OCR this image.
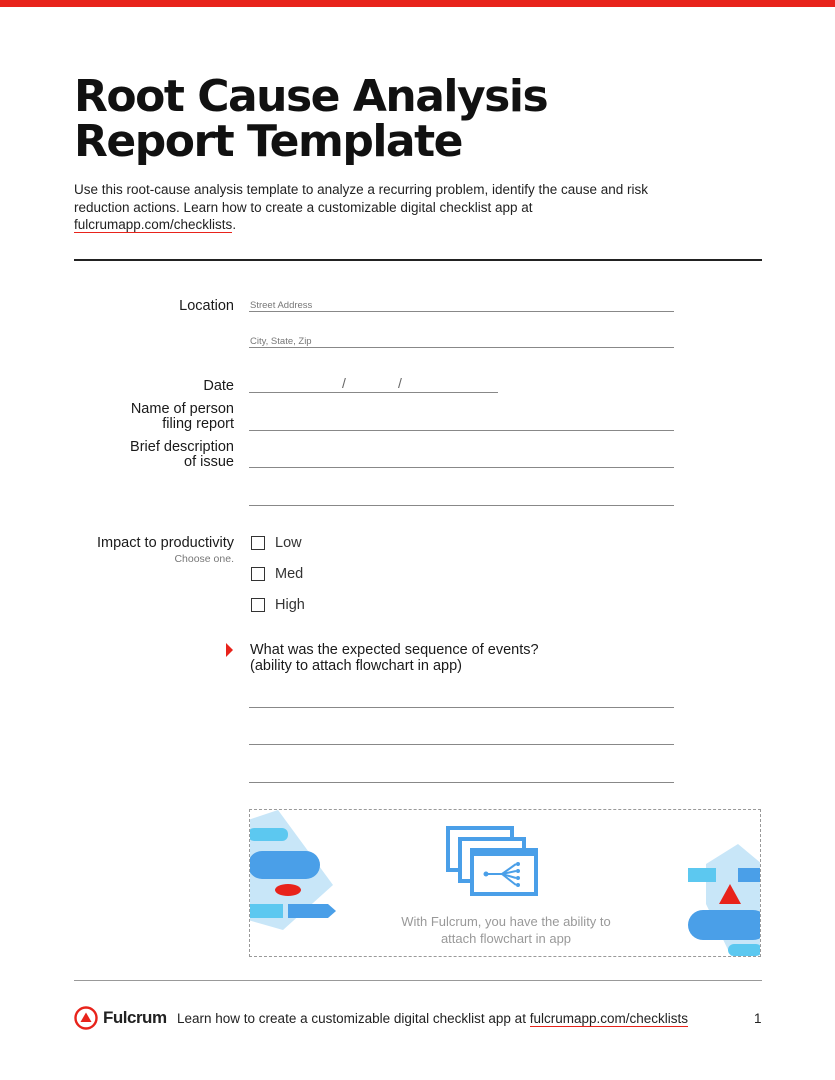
Root Cause Analysis
Report Template

Use this root-cause analysis template to analyze a recurring problem, identify the cause and risk reduction actions. Learn how to create a customizable digital checklist app at fulcrumapp.com/checklists.

Location Street Address
City, State, Zip
Date	/	/
Name of person
filing report
Brief description
of issue
Impact to productivity
Choose one.
Low
Med
High
What was the expected sequence of events?
(ability to attach flowchart in app)
With Fulcrum, you have the ability to
attach flowchart in app
Fulcrum Learn how to create a customizable digital checklist app at fulcrumapp.com/checklists	1
